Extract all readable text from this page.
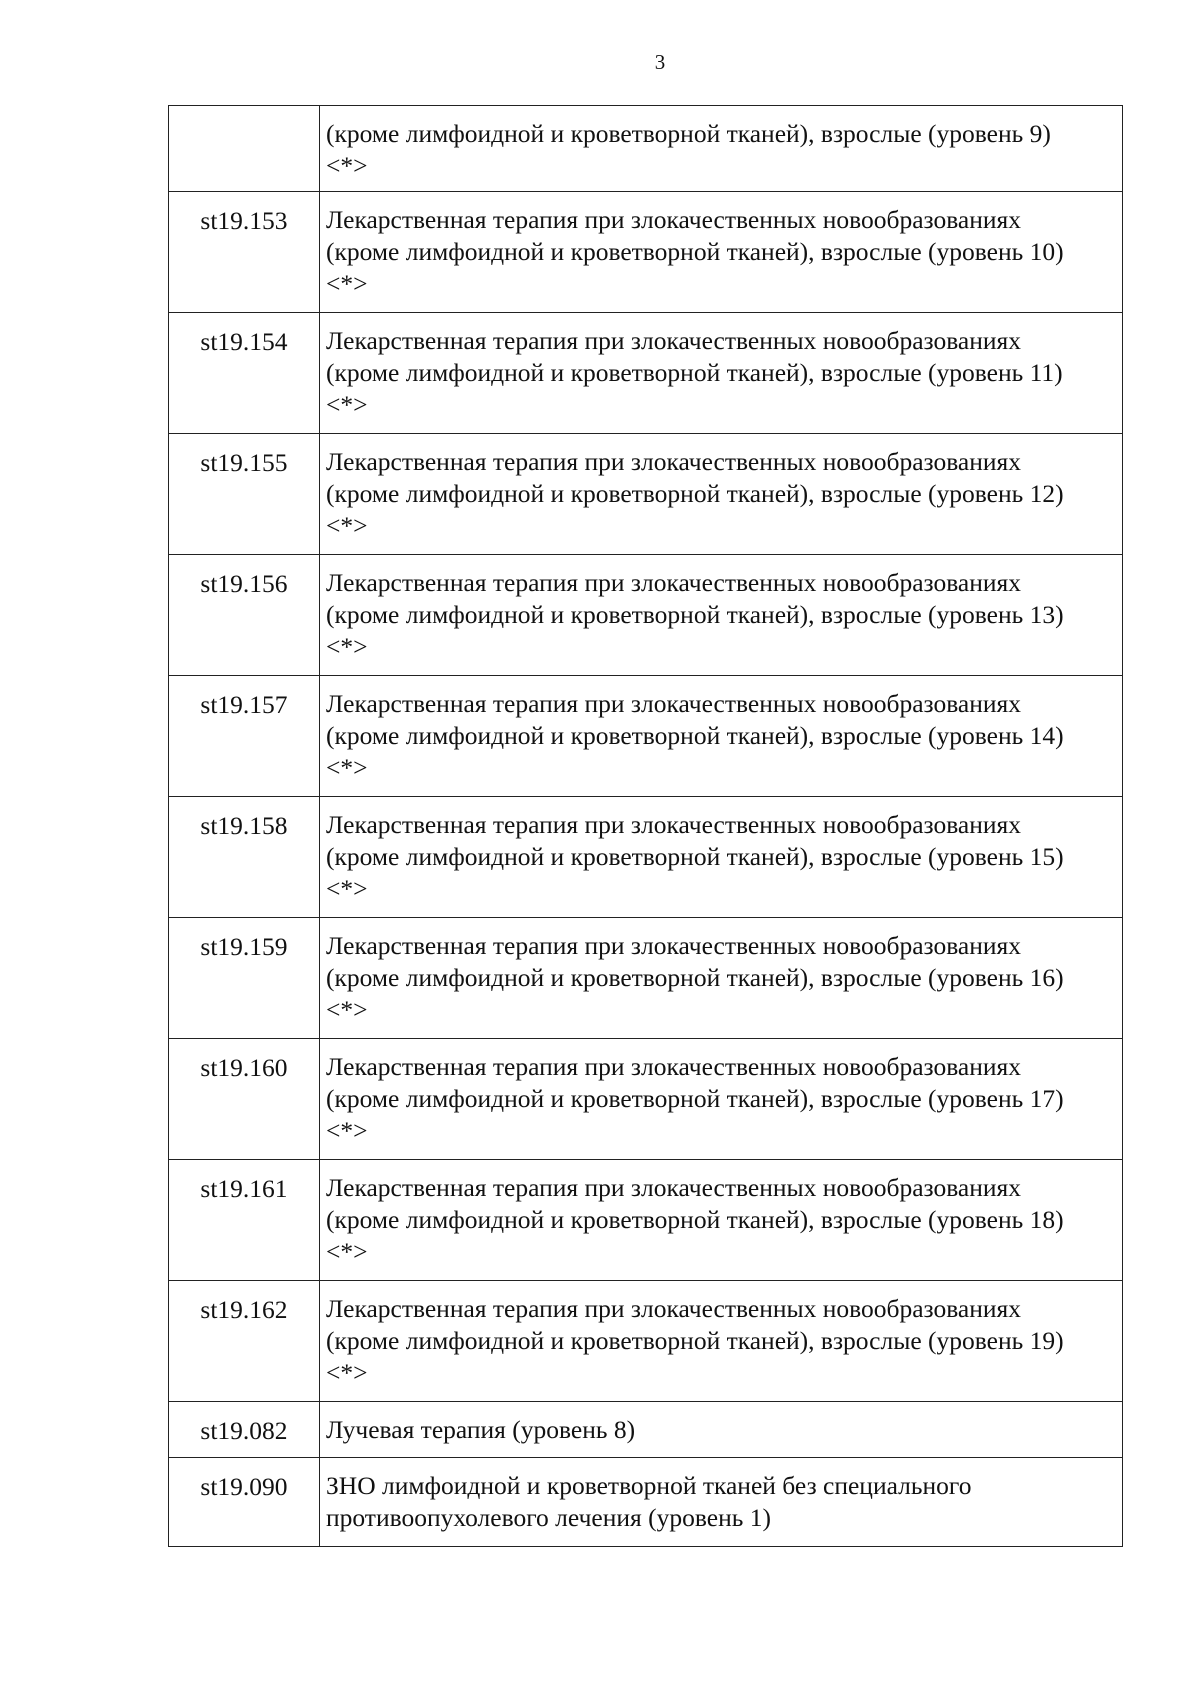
3
	(кроме лимфоидной и кроветворной тканей), взрослые (уровень 9) <*>
st19.153	Лекарственная терапия при злокачественных новообразованиях (кроме лимфоидной и кроветворной тканей), взрослые (уровень 10) <*>
st19.154	Лекарственная терапия при злокачественных новообразованиях (кроме лимфоидной и кроветворной тканей), взрослые (уровень 11) <*>
st19.155	Лекарственная терапия при злокачественных новообразованиях (кроме лимфоидной и кроветворной тканей), взрослые (уровень 12) <*>
st19.156	Лекарственная терапия при злокачественных новообразованиях (кроме лимфоидной и кроветворной тканей), взрослые (уровень 13) <*>
st19.157	Лекарственная терапия при злокачественных новообразованиях (кроме лимфоидной и кроветворной тканей), взрослые (уровень 14) <*>
st19.158	Лекарственная терапия при злокачественных новообразованиях (кроме лимфоидной и кроветворной тканей), взрослые (уровень 15) <*>
st19.159	Лекарственная терапия при злокачественных новообразованиях (кроме лимфоидной и кроветворной тканей), взрослые (уровень 16) <*>
st19.160	Лекарственная терапия при злокачественных новообразованиях (кроме лимфоидной и кроветворной тканей), взрослые (уровень 17) <*>
st19.161	Лекарственная терапия при злокачественных новообразованиях (кроме лимфоидной и кроветворной тканей), взрослые (уровень 18) <*>
st19.162	Лекарственная терапия при злокачественных новообразованиях (кроме лимфоидной и кроветворной тканей), взрослые (уровень 19) <*>
st19.082	Лучевая терапия (уровень 8)
st19.090	ЗНО лимфоидной и кроветворной тканей без специального противоопухолевого лечения (уровень 1)
